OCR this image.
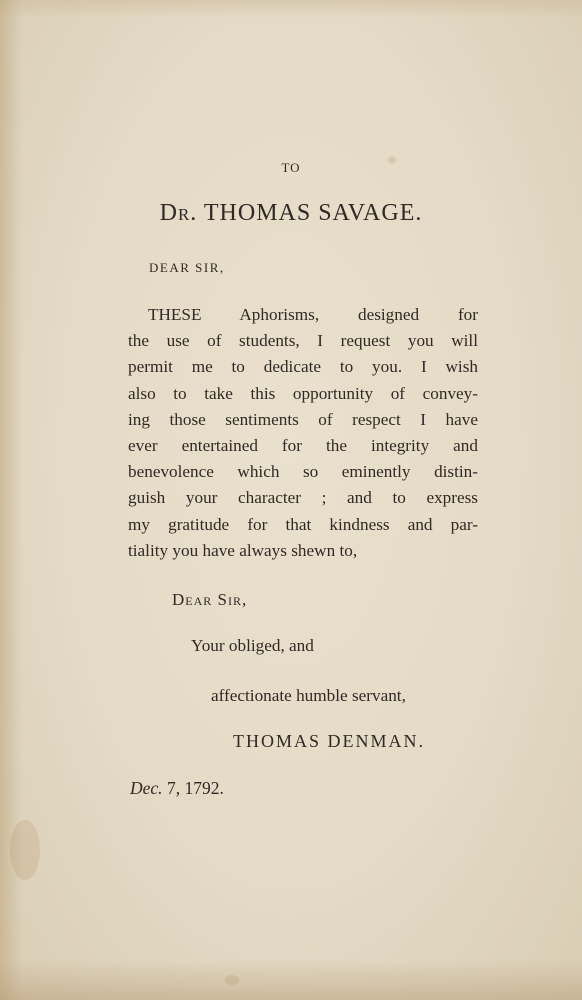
TO
Dr. THOMAS SAVAGE.
DEAR SIR,
THESE Aphorisms, designed for
the use of students, I request you will
permit me to dedicate to you. I wish
also to take this opportunity of convey-
ing those sentiments of respect I have
ever entertained for the integrity and
benevolence which so eminently distin-
guish your character ; and to express
my gratitude for that kindness and par-
tiality you have always shewn to,
Dear Sir,
Your obliged, and
affectionate humble servant,
THOMAS DENMAN.
Dec. 7, 1792.
